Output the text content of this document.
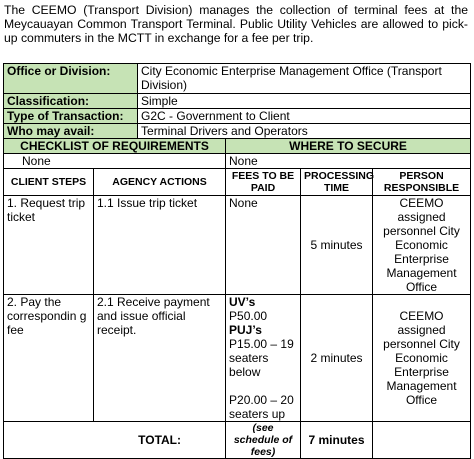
The CEEMO (Transport Division) manages the collection of terminal fees at the Meycauayan Common Transport Terminal. Public Utility Vehicles are allowed to pick-up commuters in the MCTT in exchange for a fee per trip.
Office or Division:		City Economic Enterprise Management Office (Transport Division)			
Classification:		Simple			
Type of Transaction:		G2C - Government to Client			
Who may avail:		Terminal Drivers and Operators			
CHECKLIST OF REQUIREMENTS			WHERE TO SECURE		
None			None		
CLIENT STEPS	AGENCY ACTIONS		FEES TO BE PAID	PROCESSING TIME	PERSON RESPONSIBLE
1. Request trip ticket	1.1 Issue trip ticket		None	5 minutes	CEEMO assigned personnel City Economic Enterprise Management Office
2. Pay the correspondin g fee	2.1 Receive payment and issue official receipt.		UV’s
P50.00
PUJ’s
P15.00 – 19 seaters below
P20.00 – 20 seaters up	2 minutes	CEEMO assigned personnel City Economic Enterprise Management Office
TOTAL:			(see schedule of fees)	7 minutes	
